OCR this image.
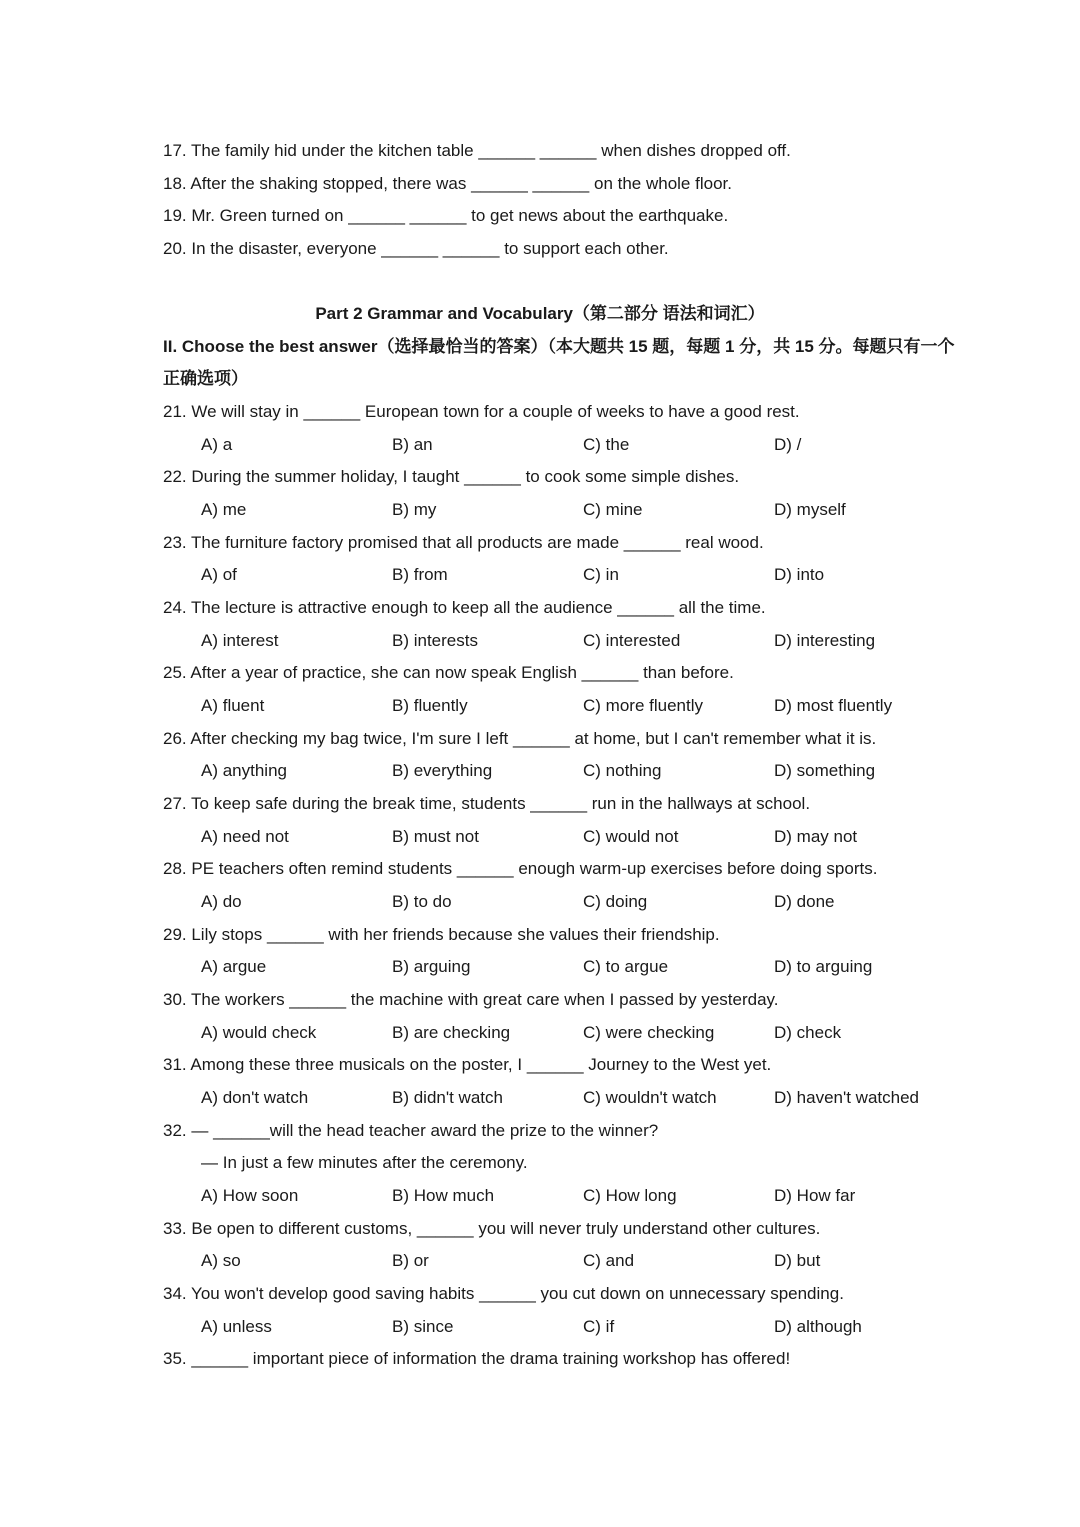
17. The family hid under the kitchen table ______ ______ when dishes dropped off.
18. After the shaking stopped, there was ______ ______ on the whole floor.
19. Mr. Green turned on ______ ______ to get news about the earthquake.
20. In the disaster, everyone ______ ______ to support each other.
Part 2 Grammar and Vocabulary（第二部分 语法和词汇）
II. Choose the best answer（选择最恰当的答案）（本大题共 15 题，每题 1 分，共 15 分。每题只有一个正确选项）
21. We will stay in ______ European town for a couple of weeks to have a good rest.
A) a	B) an	C) the	D) /
22. During the summer holiday, I taught ______ to cook some simple dishes.
A) me	B) my	C) mine	D) myself
23. The furniture factory promised that all products are made ______ real wood.
A) of	B) from	C) in	D) into
24. The lecture is attractive enough to keep all the audience ______ all the time.
A) interest	B) interests	C) interested	D) interesting
25. After a year of practice, she can now speak English ______ than before.
A) fluent	B) fluently	C) more fluently	D) most fluently
26. After checking my bag twice, I'm sure I left ______ at home, but I can't remember what it is.
A) anything	B) everything	C) nothing	D) something
27. To keep safe during the break time, students ______ run in the hallways at school.
A) need not	B) must not	C) would not	D) may not
28. PE teachers often remind students ______ enough warm-up exercises before doing sports.
A) do	B) to do	C) doing	D) done
29. Lily stops ______ with her friends because she values their friendship.
A) argue	B) arguing	C) to argue	D) to arguing
30. The workers ______ the machine with great care when I passed by yesterday.
A) would check	B) are checking	C) were checking	D) check
31. Among these three musicals on the poster, I ______ Journey to the West yet.
A) don't watch	B) didn't watch	C) wouldn't watch	D) haven't watched
32. — ______will the head teacher award the prize to the winner?
— In just a few minutes after the ceremony.
A) How soon	B) How much	C) How long	D) How far
33. Be open to different customs, ______ you will never truly understand other cultures.
A) so	B) or	C) and	D) but
34. You won't develop good saving habits ______ you cut down on unnecessary spending.
A) unless	B) since	C) if	D) although
35. ______ important piece of information the drama training workshop has offered!
